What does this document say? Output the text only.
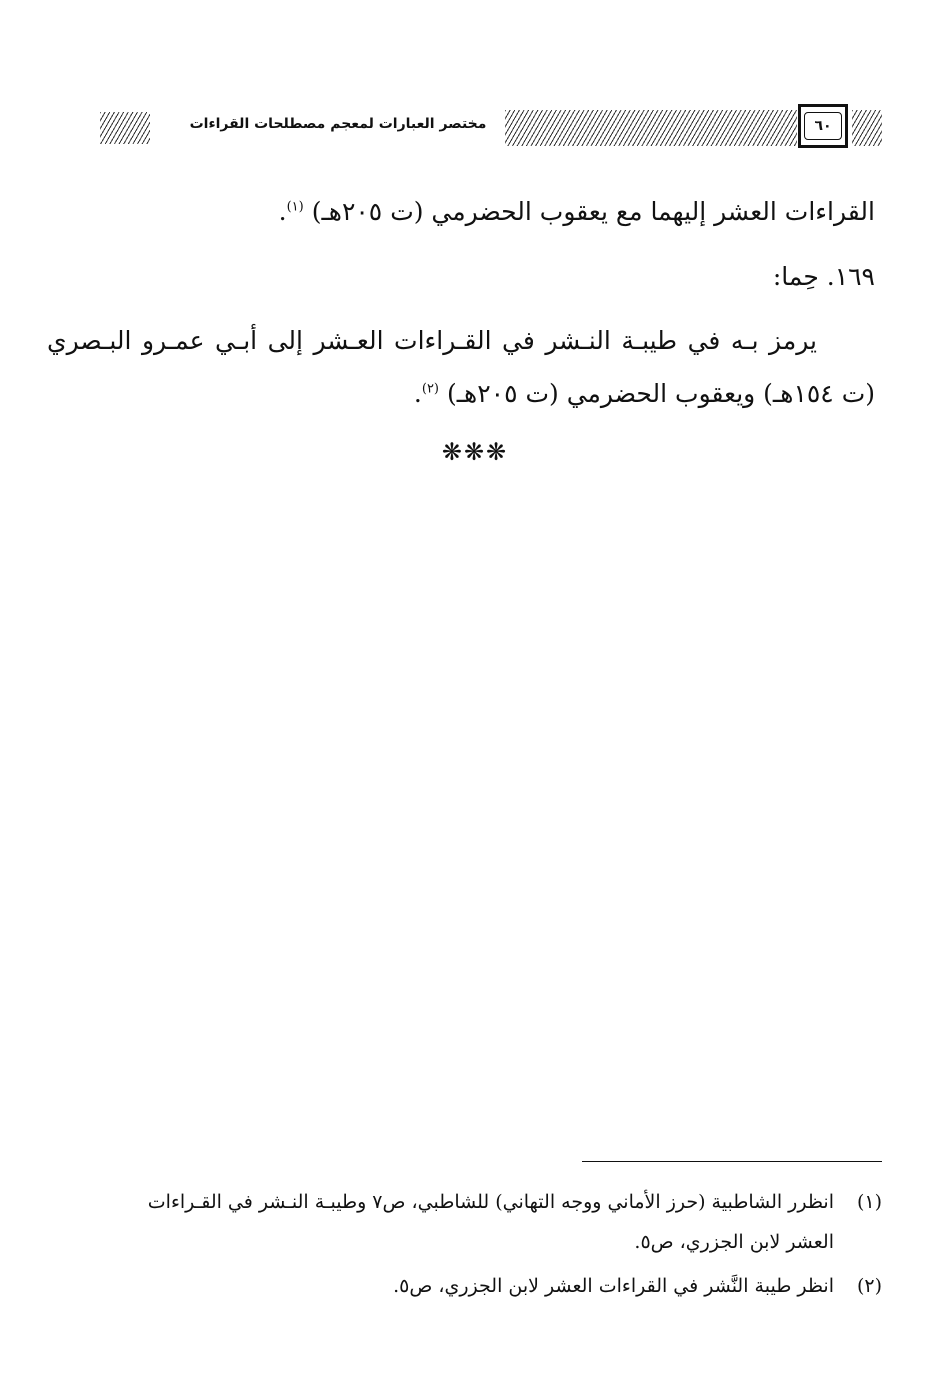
مختصر العبارات لمعجم مصطلحات القراءات	٦٠
القراءات العشر إليهما مع يعقوب الحضرمي (ت ٢٠٥هـ) $^{(١)}$.
١٦٩. حِما:
يرمز بـه في طيبـة النـشر في القـراءات العـشر إلى أبـي عمـرو البـصري
(ت ١٥٤هـ) ويعقوب الحضرمي (ت ٢٠٥هـ) $^{(٢)}$.
❋❋❋
(١)انظرر الشاطبية (حرز الأماني ووجه التهاني) للشاطبي، ص٧ وطيبـة النـشر في القـراءات
العشر لابن الجزري، ص٥.
(٢)انظر طيبة النَّشر في القراءات العشر لابن الجزري، ص٥.
